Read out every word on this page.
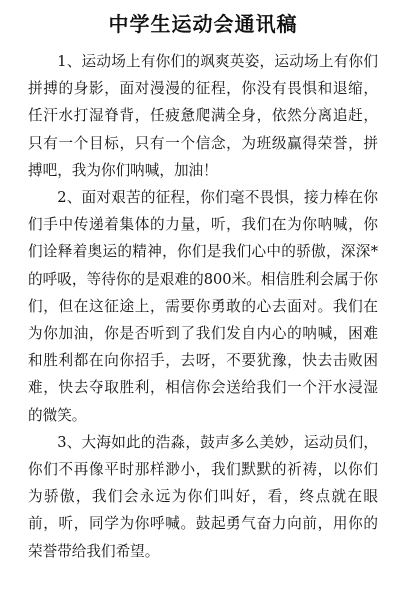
中学生运动会通讯稿

1、运动场上有你们的飒爽英姿，运动场上有你们拼搏的身影，面对漫漫的征程，你没有畏惧和退缩，任汗水打湿脊背，任疲惫爬满全身，依然分离追赶，只有一个目标，只有一个信念，为班级赢得荣誉，拼搏吧，我为你们呐喊，加油！

2、面对艰苦的征程，你们毫不畏惧，接力棒在你们手中传递着集体的力量，听，我们在为你呐喊，你们诠释着奥运的精神，你们是我们心中的骄傲，深深*的呼吸，等待你的是艰难的800米。相信胜利会属于你们，但在这征途上，需要你勇敢的心去面对。我们在为你加油，你是否听到了我们发自内心的呐喊，困难和胜利都在向你招手，去呀，不要犹豫，快去击败困难，快去夺取胜利，相信你会送给我们一个汗水浸湿的微笑。

3、大海如此的浩淼，鼓声多么美妙，运动员们，你们不再像平时那样渺小，我们默默的祈祷，以你们为骄傲，我们会永远为你们叫好，看，终点就在眼前，听，同学为你呼喊。鼓起勇气奋力向前，用你的荣誉带给我们希望。
